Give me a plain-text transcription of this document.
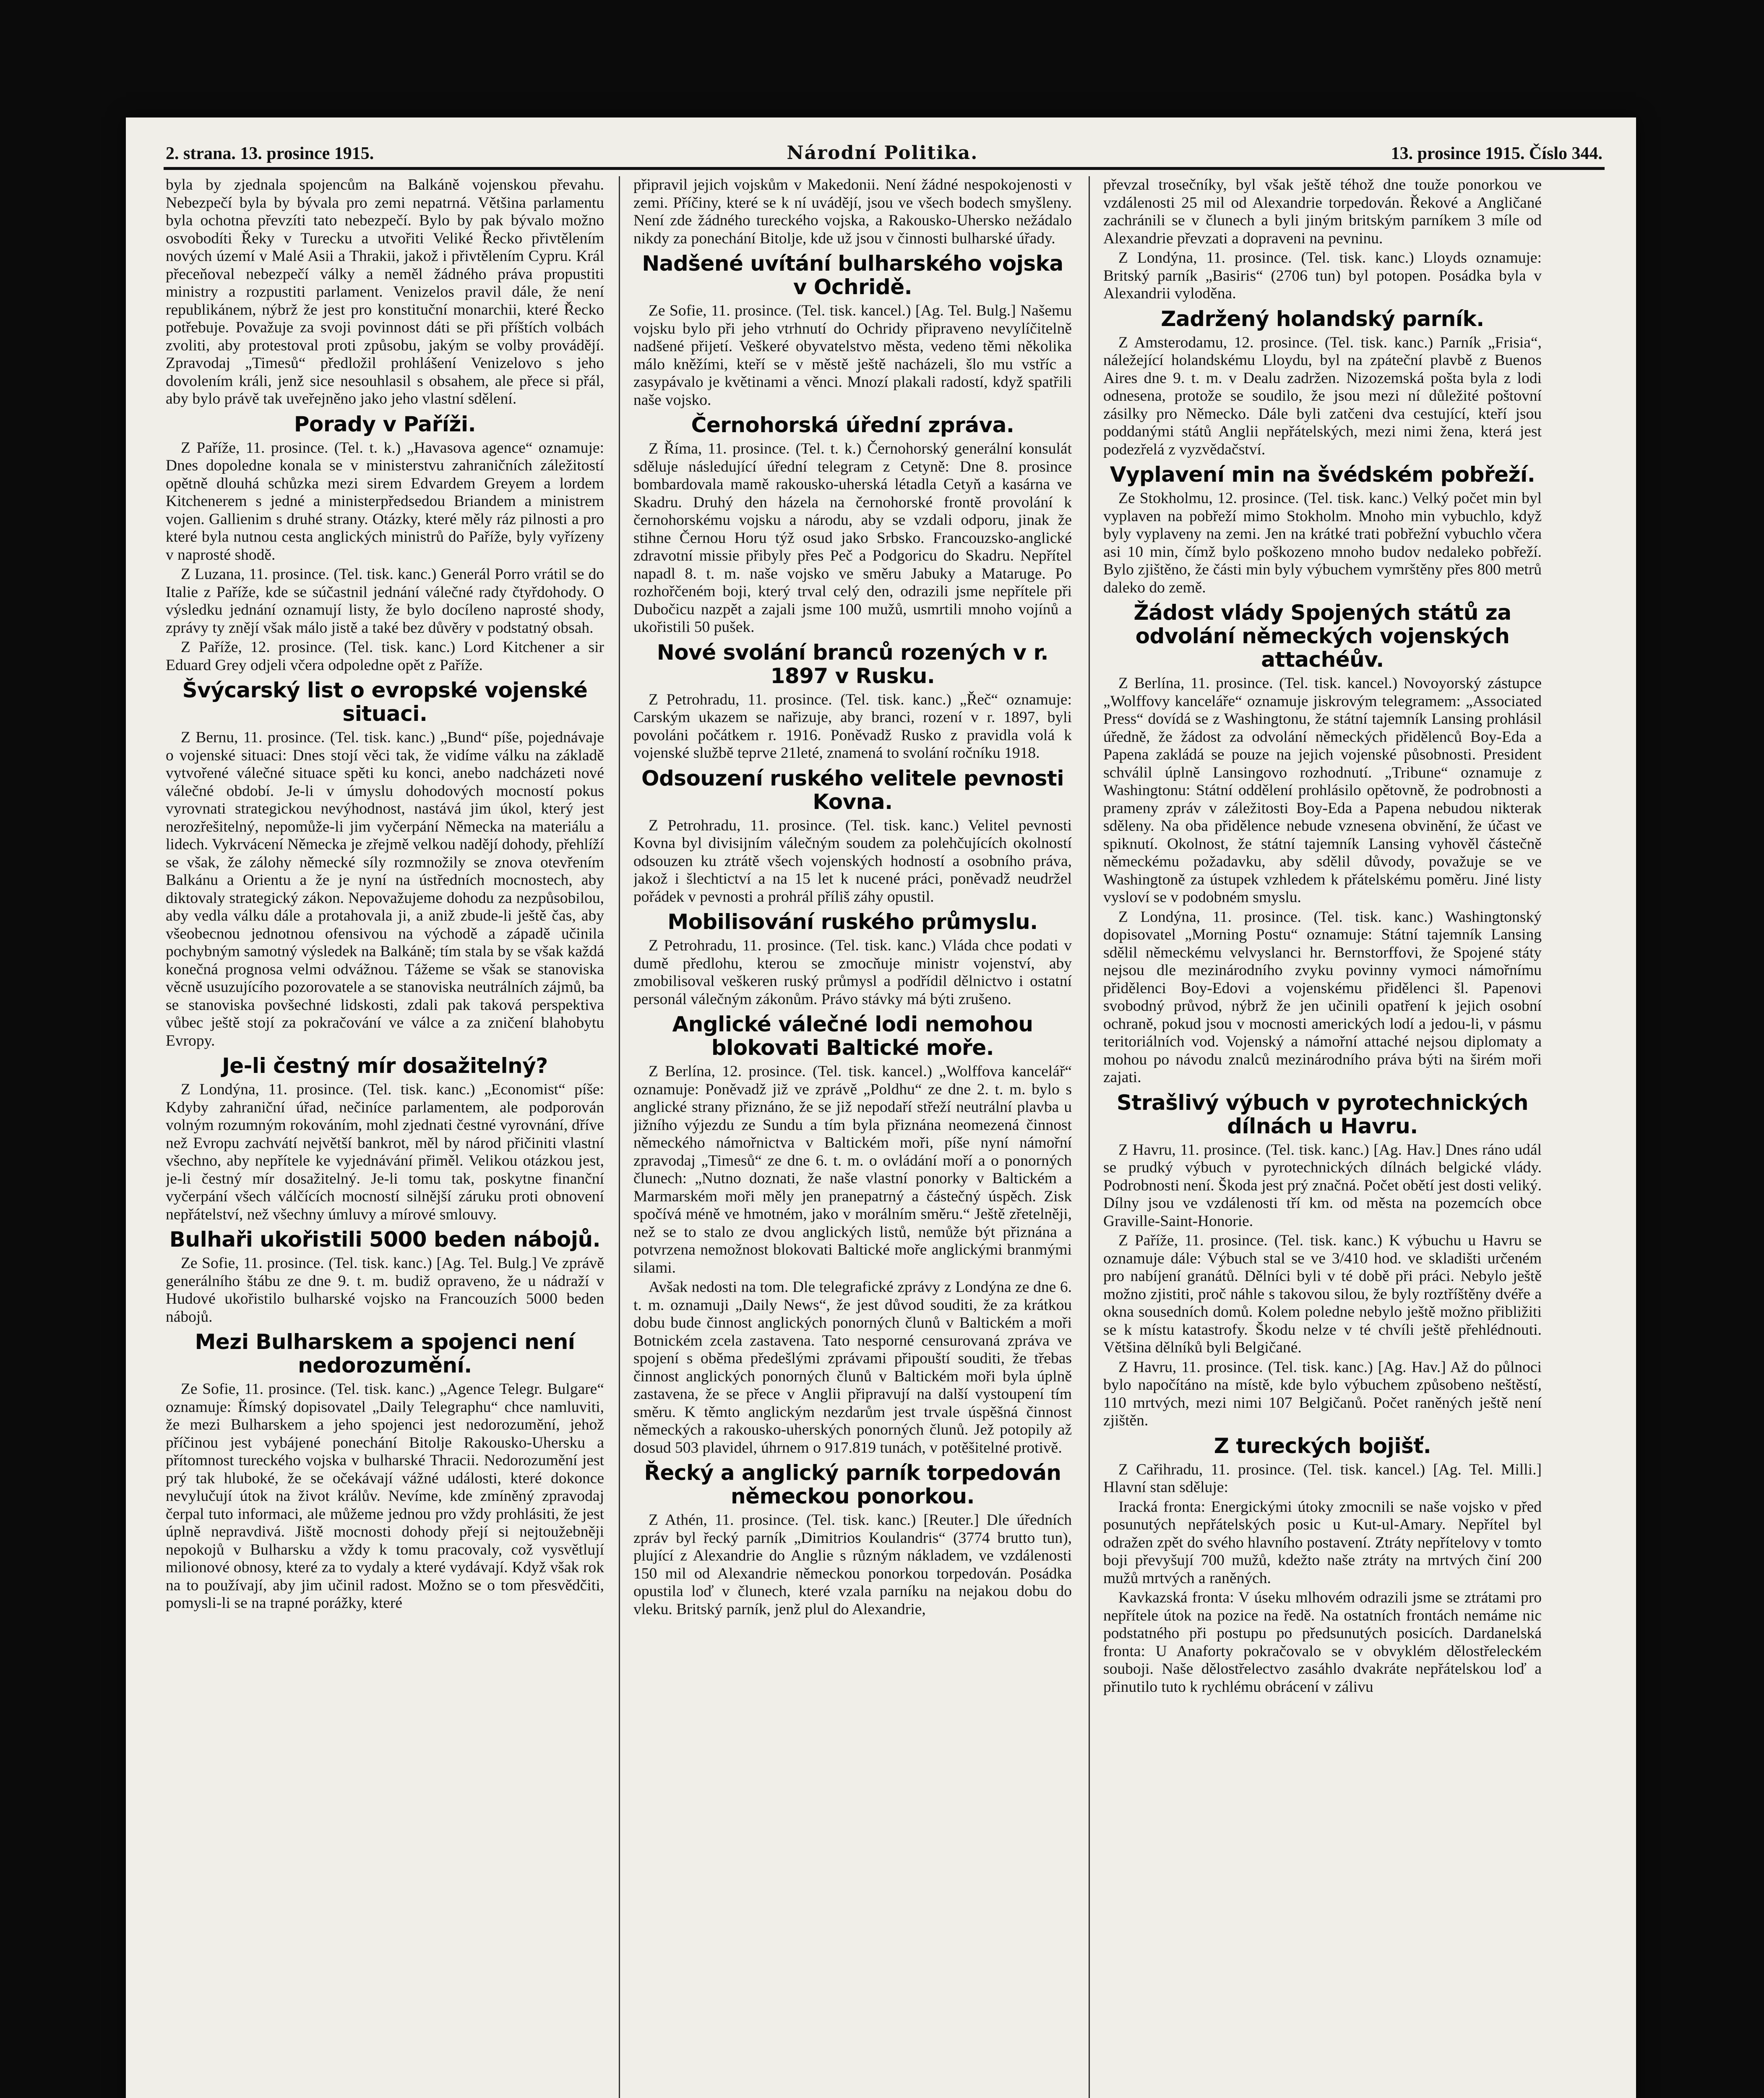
2. strana. 13. prosince 1915.	Národní Politika.	13. prosince 1915. Číslo 344.

byla by zjednala spojencům na Balkáně vojenskou převahu. Nebezpečí byla by bývala pro zemi nepatrná. Většina parlamentu byla ochotna převzíti tato nebezpečí. Bylo by pak bývalo možno osvobodíti Řeky v Turecku a utvořiti Veliké Řecko přivtělením nových území v Malé Asii a Thrakii, jakož i přivtělením Cypru. Král přeceňoval nebezpečí války a neměl žádného práva propustiti ministry a rozpustiti parlament. Venizelos pravil dále, že není republikánem, nýbrž že jest pro konstituční monarchii, které Řecko potřebuje. Považuje za svoji povinnost dáti se při příštích volbách zvoliti, aby protestoval proti způsobu, jakým se volby provádějí. Zpravodaj „Timesů“ předložil prohlášení Venizelovo s jeho dovolením králi, jenž sice nesouhlasil s obsahem, ale přece si přál, aby bylo právě tak uveřejněno jako jeho vlastní sdělení.

Porady v Paříži.

Z Paříže, 11. prosince. (Tel. t. k.) „Havasova agence“ oznamuje: Dnes dopoledne konala se v ministerstvu zahraničních záležitostí opětně dlouhá schůzka mezi sirem Edvardem Greyem a lordem Kitchenerem s jedné a ministerpředsedou Briandem a ministrem vojen. Gallienim s druhé strany. Otázky, které měly ráz pilnosti a pro které byla nutnou cesta anglických ministrů do Paříže, byly vyřízeny v naprosté shodě.

Z Luzana, 11. prosince. (Tel. tisk. kanc.) Generál Porro vrátil se do Italie z Paříže, kde se súčastnil jednání válečné rady čtyřdohody. O výsledku jednání oznamují listy, že bylo docíleno naprosté shody, zprávy ty znějí však málo jistě a také bez důvěry v podstatný obsah.

Z Paříže, 12. prosince. (Tel. tisk. kanc.) Lord Kitchener a sir Eduard Grey odjeli včera odpoledne opět z Paříže.

Švýcarský list o evropské vojenské situaci.

Z Bernu, 11. prosince. (Tel. tisk. kanc.) „Bund“ píše, pojednávaje o vojenské situaci: Dnes stojí věci tak, že vidíme válku na základě vytvořené válečné situace spěti ku konci, anebo nadcházeti nové válečné období. Je-li v úmyslu dohodových mocností pokus vyrovnati strategickou nevýhodnost, nastává jim úkol, který jest nerozřešitelný, nepomůže-li jim vyčerpání Německa na materiálu a lidech. Vykrvácení Německa je zřejmě velkou nadějí dohody, přehlíží se však, že zálohy německé síly rozmnožily se znova otevřením Balkánu a Orientu a že je nyní na ústředních mocnostech, aby diktovaly strategický zákon. Nepovažujeme dohodu za nezpůsobilou, aby vedla válku dále a protahovala ji, a aniž zbude-li ještě čas, aby všeobecnou jednotnou ofensivou na východě a západě učinila pochybným samotný výsledek na Balkáně; tím stala by se však každá konečná prognosa velmi odvážnou. Tážeme se však se stanoviska věcně usuzujícího pozorovatele a se stanoviska neutrálních zájmů, ba se stanoviska povšechné lidskosti, zdali pak taková perspektiva vůbec ještě stojí za pokračování ve válce a za zničení blahobytu Evropy.

Je-li čestný mír dosažitelný?

Z Londýna, 11. prosince. (Tel. tisk. kanc.) „Economist“ píše: Kdyby zahraniční úřad, nečiníce parlamentem, ale podporován volným rozumným rokováním, mohl zjednati čestné vyrovnání, dříve než Evropu zachvátí největší bankrot, měl by národ přičiniti vlastní všechno, aby nepřítele ke vyjednávání přiměl. Velikou otázkou jest, je-li čestný mír dosažitelný. Je-li tomu tak, poskytne finanční vyčerpání všech válčících mocností silnější záruku proti obnovení nepřátelství, než všechny úmluvy a mírové smlouvy.

Bulhaři ukořistili 5000 beden nábojů.

Ze Sofie, 11. prosince. (Tel. tisk. kanc.) [Ag. Tel. Bulg.] Ve zprávě generálního štábu ze dne 9. t. m. budiž opraveno, že u nádraží v Hudové ukořistilo bulharské vojsko na Francouzích 5000 beden nábojů.

Mezi Bulharskem a spojenci není nedorozumění.

Ze Sofie, 11. prosince. (Tel. tisk. kanc.) „Agence Telegr. Bulgare“ oznamuje: Římský dopisovatel „Daily Telegraphu“ chce namluviti, že mezi Bulharskem a jeho spojenci jest nedorozumění, jehož příčinou jest vybájené ponechání Bitolje Rakousko-Uhersku a přítomnost tureckého vojska v bulharské Thracii. Nedorozumění jest prý tak hluboké, že se očekávají vážné události, které dokonce nevylučují útok na život králův. Nevíme, kde zmíněný zpravodaj čerpal tuto informaci, ale můžeme jednou pro vždy prohlásiti, že jest úplně nepravdivá. Jiště mocnosti dohody přejí si nejtoužebněji nepokojů v Bulharsku a vždy k tomu pracovaly, což vysvětlují milionové obnosy, které za to vydaly a které vydávají. Když však rok na to používají, aby jim učinil radost. Možno se o tom přesvědčiti, pomysli-li se na trapné porážky, které

připravil jejich vojskům v Makedonii. Není žádné nespokojenosti v zemi. Příčiny, které se k ní uvádějí, jsou ve všech bodech smyšleny. Není zde žádného tureckého vojska, a Rakousko-Uhersko nežádalo nikdy za ponechání Bitolje, kde už jsou v činnosti bulharské úřady.

Nadšené uvítání bulharského vojska v Ochridě.

Ze Sofie, 11. prosince. (Tel. tisk. kancel.) [Ag. Tel. Bulg.] Našemu vojsku bylo při jeho vtrhnutí do Ochridy připraveno nevylíčitelně nadšené přijetí. Veškeré obyvatelstvo města, vedeno těmi několika málo kněžími, kteří se v městě ještě nacházeli, šlo mu vstříc a zasypávalo je květinami a věnci. Mnozí plakali radostí, když spatřili naše vojsko.

Černohorská úřední zpráva.

Z Říma, 11. prosince. (Tel. t. k.) Černohorský generální konsulát sděluje následující úřední telegram z Cetyně: Dne 8. prosince bombardovala mamě rakousko-uherská létadla Cetyň a kasárna ve Skadru. Druhý den házela na černohorské frontě provolání k černohorskému vojsku a národu, aby se vzdali odporu, jinak že stihne Černou Horu týž osud jako Srbsko. Francouzsko-anglické zdravotní missie přibyly přes Peč a Podgoricu do Skadru. Nepřítel napadl 8. t. m. naše vojsko ve směru Jabuky a Mataruge. Po rozhořčeném boji, který trval celý den, odrazili jsme nepřítele při Dubočicu nazpět a zajali jsme 100 mužů, usmrtili mnoho vojínů a ukořistili 50 pušek.

Nové svolání branců rozených v r. 1897 v Rusku.

Z Petrohradu, 11. prosince. (Tel. tisk. kanc.) „Řeč“ oznamuje: Carským ukazem se nařizuje, aby branci, rození v r. 1897, byli povoláni počátkem r. 1916. Poněvadž Rusko z pravidla volá k vojenské službě teprve 21leté, znamená to svolání ročníku 1918.

Odsouzení ruského velitele pevnosti Kovna.

Z Petrohradu, 11. prosince. (Tel. tisk. kanc.) Velitel pevnosti Kovna byl divisijním válečným soudem za polehčujících okolností odsouzen ku ztrátě všech vojenských hodností a osobního práva, jakož i šlechtictví a na 15 let k nucené práci, poněvadž neudržel pořádek v pevnosti a prohrál příliš záhy opustil.

Mobilisování ruského průmyslu.

Z Petrohradu, 11. prosince. (Tel. tisk. kanc.) Vláda chce podati v dumě předlohu, kterou se zmocňuje ministr vojenství, aby zmobilisoval veškeren ruský průmysl a podřídil dělnictvo i ostatní personál válečným zákonům. Právo stávky má býti zrušeno.

Anglické válečné lodi nemohou blokovati Baltické moře.

Z Berlína, 12. prosince. (Tel. tisk. kancel.) „Wolffova kancelář“ oznamuje: Poněvadž již ve zprávě „Poldhu“ ze dne 2. t. m. bylo s anglické strany přiznáno, že se již nepodaří střeží neutrální plavba u jižního výjezdu ze Sundu a tím byla přiznána neomezená činnost německého námořnictva v Baltickém moři, píše nyní námořní zpravodaj „Timesů“ ze dne 6. t. m. o ovládání moří a o ponorných člunech: „Nutno doznati, že naše vlastní ponorky v Baltickém a Marmarském moři měly jen pranepatrný a částečný úspěch. Zisk spočívá méně ve hmotném, jako v morálním směru.“ Ještě zřetelněji, než se to stalo ze dvou anglických listů, nemůže být přiznána a potvrzena nemožnost blokovati Baltické moře anglickými branmými silami.

Avšak nedosti na tom. Dle telegrafické zprávy z Londýna ze dne 6. t. m. oznamuji „Daily News“, že jest důvod souditi, že za krátkou dobu bude činnost anglických ponorných člunů v Baltickém a moři Botnickém zcela zastavena. Tato nesporné censurovaná zpráva ve spojení s oběma předešlými zprávami připouští souditi, že třebas činnost anglických ponorných člunů v Baltickém moři byla úplně zastavena, že se přece v Anglii připravují na další vystoupení tím směru. K těmto anglickým nezdarům jest trvale úspěšná činnost německých a rakousko-uherských ponorných člunů. Jež potopily až dosud 503 plavidel, úhrnem o 917.819 tunách, v potěšitelné protivě.

Řecký a anglický parník torpedován německou ponorkou.

Z Athén, 11. prosince. (Tel. tisk. kanc.) [Reuter.] Dle úředních zpráv byl řecký parník „Dimitrios Koulandris“ (3774 brutto tun), plující z Alexandrie do Anglie s různým nákladem, ve vzdálenosti 150 mil od Alexandrie německou ponorkou torpedován. Posádka opustila loď v člunech, které vzala parníku na nejakou dobu do vleku. Britský parník, jenž plul do Alexandrie,

převzal trosečníky, byl však ještě téhož dne touže ponorkou ve vzdálenosti 25 mil od Alexandrie torpedován. Řekové a Angličané zachránili se v člunech a byli jiným britským parníkem 3 míle od Alexandrie převzati a dopraveni na pevninu.

Z Londýna, 11. prosince. (Tel. tisk. kanc.) Lloyds oznamuje: Britský parník „Basiris“ (2706 tun) byl potopen. Posádka byla v Alexandrii vyloděna.

Zadržený holandský parník.

Z Amsterodamu, 12. prosince. (Tel. tisk. kanc.) Parník „Frisia“, náležející holandskému Lloydu, byl na zpáteční plavbě z Buenos Aires dne 9. t. m. v Dealu zadržen. Nizozemská pošta byla z lodi odnesena, protože se soudilo, že jsou mezi ní důležité poštovní zásilky pro Německo. Dále byli zatčeni dva cestující, kteří jsou poddanými států Anglii nepřátelských, mezi nimi žena, která jest podezřelá z vyzvědačství.

Vyplavení min na švédském pobřeží.

Ze Stokholmu, 12. prosince. (Tel. tisk. kanc.) Velký počet min byl vyplaven na pobřeží mimo Stokholm. Mnoho min vybuchlo, když byly vyplaveny na zemi. Jen na krátké trati pobřežní vybuchlo včera asi 10 min, čímž bylo poškozeno mnoho budov nedaleko pobřeží. Bylo zjištěno, že části min byly výbuchem vymrštěny přes 800 metrů daleko do země.

Žádost vlády Spojených států za odvolání německých vojenských attachéův.

Z Berlína, 11. prosince. (Tel. tisk. kancel.) Novoyorský zástupce „Wolffovy kanceláře“ oznamuje jiskrovým telegramem: „Associated Press“ dovídá se z Washingtonu, že státní tajemník Lansing prohlásil úředně, že žádost za odvolání německých přidělenců Boy-Eda a Papena zakládá se pouze na jejich vojenské působnosti. President schválil úplně Lansingovo rozhodnutí. „Tribune“ oznamuje z Washingtonu: Státní oddělení prohlásilo opětovně, že podrobnosti a prameny zpráv v záležitosti Boy-Eda a Papena nebudou nikterak sděleny. Na oba přidělence nebude vznesena obvinění, že účast ve spiknutí. Okolnost, že státní tajemník Lansing vyhověl částečně německému požadavku, aby sdělil důvody, považuje se ve Washingtoně za ústupek vzhledem k přátelskému poměru. Jiné listy vysloví se v podobném smyslu.

Z Londýna, 11. prosince. (Tel. tisk. kanc.) Washingtonský dopisovatel „Morning Postu“ oznamuje: Státní tajemník Lansing sdělil německému velvyslanci hr. Bernstorffovi, že Spojené státy nejsou dle mezinárodního zvyku povinny vymoci námořnímu přidělenci Boy-Edovi a vojenskému přidělenci šl. Papenovi svobodný průvod, nýbrž že jen učinili opatření k jejich osobní ochraně, pokud jsou v mocnosti amerických lodí a jedou-li, v pásmu teritoriálních vod. Vojenský a námořní attaché nejsou diplomaty a mohou po návodu znalců mezinárodního práva býti na širém moři zajati.

Strašlivý výbuch v pyrotechnických dílnách u Havru.

Z Havru, 11. prosince. (Tel. tisk. kanc.) [Ag. Hav.] Dnes ráno udál se prudký výbuch v pyrotechnických dílnách belgické vlády. Podrobnosti není. Škoda jest prý značná. Počet obětí jest dosti veliký. Dílny jsou ve vzdálenosti tří km. od města na pozemcích obce Graville-Saint-Honorie.

Z Paříže, 11. prosince. (Tel. tisk. kanc.) K výbuchu u Havru se oznamuje dále: Výbuch stal se ve 3/410 hod. ve skladišti určeném pro nabíjení granátů. Dělníci byli v té době při práci. Nebylo ještě možno zjistiti, proč náhle s takovou silou, že byly roztříštěny dvéře a okna sousedních domů. Kolem poledne nebylo ještě možno přibližiti se k místu katastrofy. Škodu nelze v té chvíli ještě přehlédnouti. Většina dělníků byli Belgičané.

Z Havru, 11. prosince. (Tel. tisk. kanc.) [Ag. Hav.] Až do půlnoci bylo napočítáno na místě, kde bylo výbuchem způsobeno neštěstí, 110 mrtvých, mezi nimi 107 Belgičanů. Počet raněných ještě není zjištěn.

Z tureckých bojišť.

Z Cařihradu, 11. prosince. (Tel. tisk. kancel.) [Ag. Tel. Milli.] Hlavní stan sděluje:

Iracká fronta: Energickými útoky zmocnili se naše vojsko v před posunutých nepřátelských posic u Kut-ul-Amary. Nepřítel byl odražen zpět do svého hlavního postavení. Ztráty nepřítelovy v tomto boji převyšují 700 mužů, kdežto naše ztráty na mrtvých činí 200 mužů mrtvých a raněných.

Kavkazská fronta: V úseku mlhovém odrazili jsme se ztrátami pro nepřítele útok na pozice na ředě. Na ostatních frontách nemáme nic podstatného při postupu po předsunutých posicích. Dardanelská fronta: U Anaforty pokračovalo se v obvyklém dělostřeleckém souboji. Naše dělostřelectvo zasáhlo dvakráte nepřátelskou loď a přinutilo tuto k rychlému obrácení v zálivu
